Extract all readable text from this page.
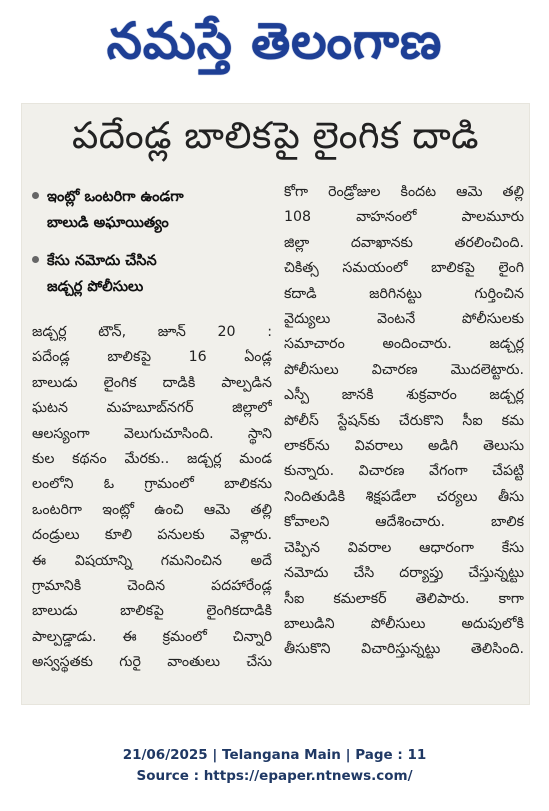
నమస్తే తెలంగాణ
పదేండ్ల బాలికపై లైంగిక దాడి
ఇంట్లో ఒంటరిగా ఉండగా
బాలుడి అఘాయిత్యం
కేసు నమోదు చేసిన
జడ్చర్ల పోలీసులు
జడ్చర్ల టౌన్, జూన్ 20 :
పదేండ్ల బాలికపై 16 ఏండ్ల
బాలుడు లైంగిక దాడికి పాల్పడిన
ఘటన మహబూబ్‌నగర్ జిల్లాలో
ఆలస్యంగా వెలుగుచూసింది. స్థాని
కుల కథనం మేరకు.. జడ్చర్ల మండ
లంలోని ఓ గ్రామంలో బాలికను
ఒంటరిగా ఇంట్లో ఉంచి ఆమె తల్లి
దండ్రులు కూలి పనులకు వెళ్లారు.
ఈ విషయాన్ని గమనించిన అదే
గ్రామానికి చెందిన పదహారేండ్ల
బాలుడు బాలికపై లైంగికదాడికి
పాల్పడ్డాడు. ఈ క్రమంలో చిన్నారి
అస్వస్థతకు గురై వాంతులు చేసు
కోగా రెండ్రోజుల కిందట ఆమె తల్లి
108 వాహనంలో పాలమూరు
జిల్లా దవాఖానకు తరలించింది.
చికిత్స సమయంలో బాలికపై లైంగి
కదాడి జరిగినట్టు గుర్తించిన
వైద్యులు వెంటనే పోలీసులకు
సమాచారం అందించారు. జడ్చర్ల
పోలీసులు విచారణ మొదలెట్టారు.
ఎస్పీ జానకి శుక్రవారం జడ్చర్ల
పోలీస్ స్టేషన్‌కు చేరుకొని సీఐ కమ
లాకర్‌ను వివరాలు అడిగి తెలుసు
కున్నారు. విచారణ వేగంగా చేపట్టి
నిందితుడికి శిక్షపడేలా చర్యలు తీసు
కోవాలని ఆదేశించారు. బాలిక
చెప్పిన వివరాల ఆధారంగా కేసు
నమోదు చేసి దర్యాప్తు చేస్తున్నట్టు
సీఐ కమలాకర్ తెలిపారు. కాగా
బాలుడిని పోలీసులు అదుపులోకి
తీసుకొని విచారిస్తున్నట్టు తెలిసింది.
21/06/2025 | Telangana Main | Page : 11
Source : https://epaper.ntnews.com/
